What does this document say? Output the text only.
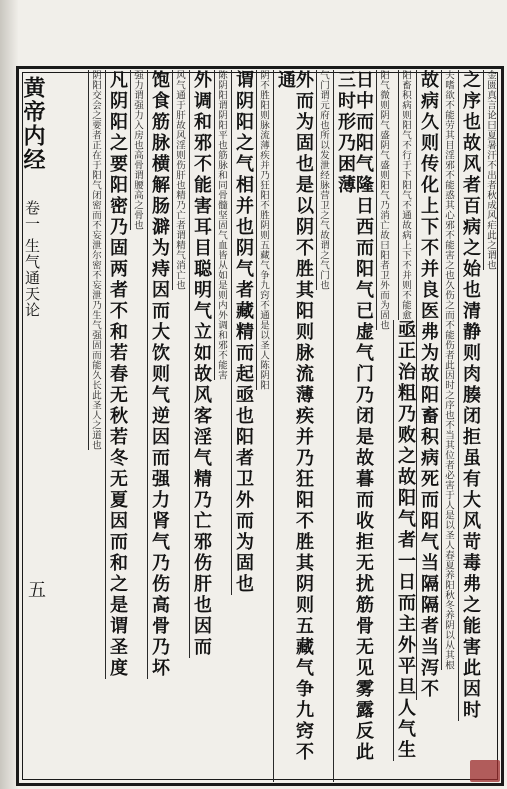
黄帝内经
卷一 生气通天论
五
金匮真言论曰夏暑汗不出者秋成风疟此之谓也之序也故风者百病之始也清静则肉腠闭拒虽有大风苛毒弗之能害此因时夫嗜欲不能劳其目淫邪不能惑其心邪不能害之也久伤之而不能伤者此因时之序也不当其位者必害于人是以圣人春夏养阳秋冬养阴以从其根故病久则传化上下不并良医弗为故阳畜积病死而阳气当隔隔者当泻不阳畜积病则阳气不行于下阳气不通故病上下不并则不能愈亟正治粗乃败之故阳气者一日而主外平旦人气生阳气微则阴气盛阴气盛则阳气乃消亡故曰阳者卫外而为固也日中而阳气隆日西而阳气已虚气门乃闭是故暮而收拒无扰筋骨无见雾露反此三时形乃困薄气门谓元府也所以发泄经脉营卫之气故谓之气门也外而为固也是以阴不胜其阳则脉流薄疾并乃狂阳不胜其阴则五藏气争九窍不通阴不胜阳则脉流薄疾并乃狂阳不胜阴则五藏气争九窍不通是以圣人陈阴阳谓阴阳之气相并也阴气者藏精而起亟也阳者卫外而为固也陈阴阳谓阴阳平也筋脉和同骨髓坚固气血皆从如是则内外调和邪不能害外调和邪不能害耳目聪明气立如故风客淫气精乃亡邪伤肝也因而风气通于肝故风淫则伤肝也精乃亡者谓精气消亡也饱食筋脉横解肠澼为痔因而大饮则气逆因而强力肾气乃伤高骨乃坏强力谓强力入房也高骨谓腰高之骨也凡阴阳之要阳密乃固两者不和若春无秋若冬无夏因而和之是谓圣度阴阳交会之要者正在于阳气闭密而不妄泄尔密不妄泄乃生气强固而能久长此圣人之道也
